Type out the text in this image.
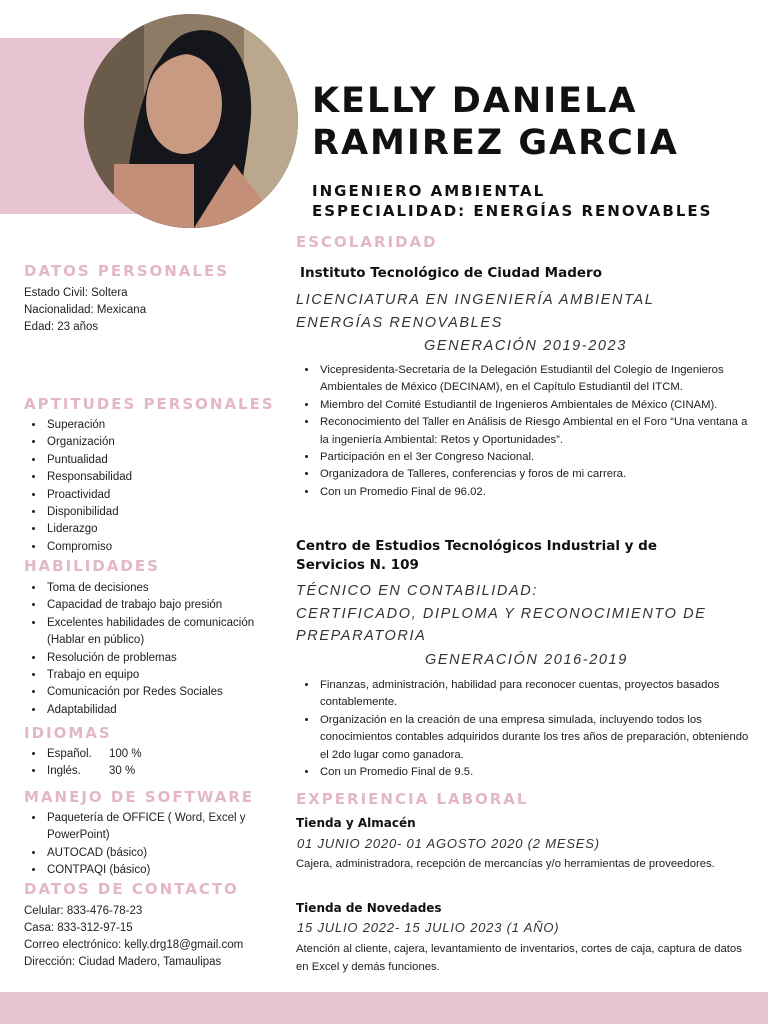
KELLY DANIELA
RAMIREZ GARCIA
INGENIERO AMBIENTAL
ESPECIALIDAD: ENERGÍAS RENOVABLES
DATOS PERSONALES
Estado Civil: Soltera
Nacionalidad: Mexicana
Edad: 23 años
APTITUDES PERSONALES
• Superación
• Organización
• Puntualidad
• Responsabilidad
• Proactividad
• Disponibilidad
• Liderazgo
• Compromiso
HABILIDADES
• Toma de decisiones
• Capacidad de trabajo bajo presión
• Excelentes habilidades de comunicación (Hablar en público)
• Resolución de problemas
• Trabajo en equipo
• Comunicación por Redes Sociales
• Adaptabilidad
IDIOMAS
• Español. 100 %
• Inglés. 30 %
MANEJO DE SOFTWARE
• Paquetería de OFFICE ( Word, Excel y PowerPoint)
• AUTOCAD (básico)
• CONTPAQI (básico)
DATOS DE CONTACTO
Celular: 833-476-78-23
Casa: 833-312-97-15
Correo electrónico: kelly.drg18@gmail.com
Dirección: Ciudad Madero, Tamaulipas
ESCOLARIDAD
Instituto Tecnológico de Ciudad Madero
LICENCIATURA EN INGENIERÍA AMBIENTAL
ENERGÍAS RENOVABLES
GENERACIÓN 2019-2023
• Vicepresidenta-Secretaria de la Delegación Estudiantil del Colegio de Ingenieros Ambientales de México (DECINAM), en el Capítulo Estudiantil del ITCM.
• Miembro del Comité Estudiantil de Ingenieros Ambientales de México (CINAM).
• Reconocimiento del Taller en Análisis de Riesgo Ambiental en el Foro “Una ventana a la ingeniería Ambiental: Retos y Oportunidades”.
• Participación en el 3er Congreso Nacional.
• Organizadora de Talleres, conferencias y foros de mi carrera.
• Con un Promedio Final de 96.02.
Centro de Estudios Tecnológicos Industrial y de
Servicios N. 109
TÉCNICO EN CONTABILIDAD:
CERTIFICADO, DIPLOMA Y RECONOCIMIENTO DE
PREPARATORIA
GENERACIÓN 2016-2019
• Finanzas, administración, habilidad para reconocer cuentas, proyectos basados contablemente.
• Organización en la creación de una empresa simulada, incluyendo todos los conocimientos contables adquiridos durante los tres años de preparación, obteniendo el 2do lugar como ganadora.
• Con un Promedio Final de 9.5.
EXPERIENCIA LABORAL
Tienda y Almacén
01 JUNIO 2020- 01 AGOSTO 2020 (2 MESES)
Cajera, administradora, recepción de mercancías y/o herramientas de proveedores.
Tienda de Novedades
15 JULIO 2022- 15 JULIO 2023 (1 AÑO)
Atención al cliente, cajera, levantamiento de inventarios, cortes de caja, captura de datos en Excel y demás funciones.
